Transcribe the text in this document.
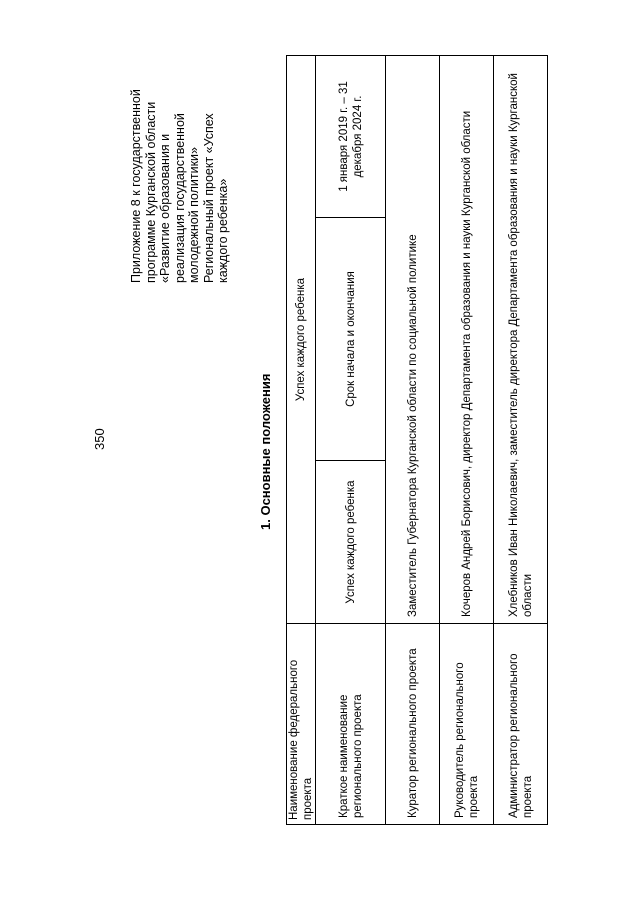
350
Приложение 8 к государственной
программе Курганской области
«Развитие образования и
реализация государственной
молодежной политики»
Региональный проект «Успех
каждого ребенка»
1. Основные положения
Наименование федерального проекта	Успех каждого ребенка		
Краткое наименование регионального проекта	Успех каждого ребенка	Срок начала и окончания	1 января 2019 г. – 31 декабря 2024 г.
Куратор регионального проекта	Заместитель Губернатора Курганской области по социальной политике		
Руководитель регионального проекта	Кочеров Андрей Борисович, директор Департамента образования и науки Курганской области		
Администратор регионального проекта	Хлебников Иван Николаевич, заместитель директора Департамента образования и науки Курганской области		
